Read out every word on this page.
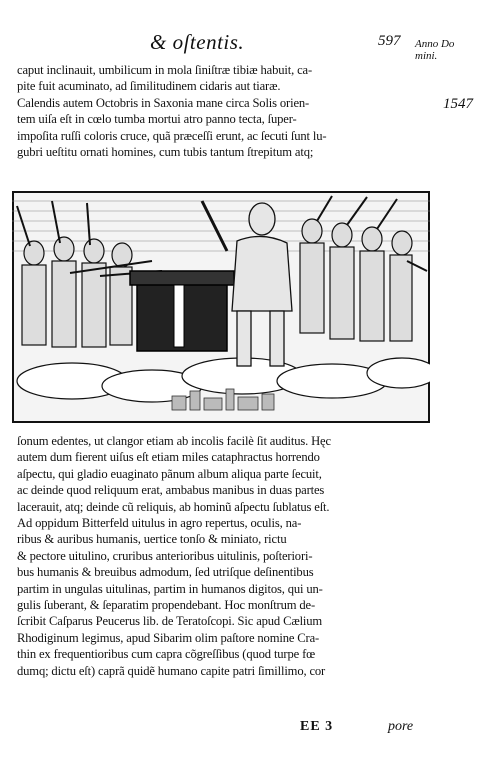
& oſtentis.	597 Anno Do mini.
1547
caput inclinauit, umbilicum in mola ſiniſtræ tibiæ habuit, ca-
pite fuit acuminato, ad ſimilitudinem cidaris aut tiaræ.
Calendis autem Octobris in Saxonia mane circa Solis orien-
tem uiſa eſt in cœlo tumba mortui atro panno tecta, ſuper-
impoſita ruſſi coloris cruce, quã præceſſi erunt, ac ſecuti ſunt lu-
gubri ueſtitu ornati homines, cum tubis tantum ſtrepitum atq;
ſonum edentes, ut clangor etiam ab incolis facilè ſit auditus. Hęc
autem dum fierent uiſus eſt etiam miles cataphractus horrendo
aſpectu, qui gladio euaginato pãnum album aliqua parte ſecuit,
ac deinde quod reliquum erat, ambabus manibus in duas partes
lacerauit, atq; deinde cũ reliquis, ab hominũ aſpectu ſublatus eſt.
Ad oppidum Bitterfeld uitulus in agro repertus, oculis, na-
ribus & auribus humanis, uertice tonſo & miniato, rictu
& pectore uitulino, cruribus anterioribus uitulinis, poſteriori-
bus humanis & breuibus admodum, ſed utriſque deſinentibus
partim in ungulas uitulinas, partim in humanos digitos, qui un-
gulis ſuberant, & ſeparatim propendebant. Hoc monſtrum de-
ſcribit Caſparus Peucerus lib. de Teratoſcopi. Sic apud Cælium
Rhodiginum legimus, apud Sibarim olim paſtore nomine Cra-
thin ex frequentioribus cum capra cõgreſſibus (quod turpe fœ
dumq; dictu eſt) caprã quidẽ humano capite patri ſimillimo, cor
EE 3	pore
